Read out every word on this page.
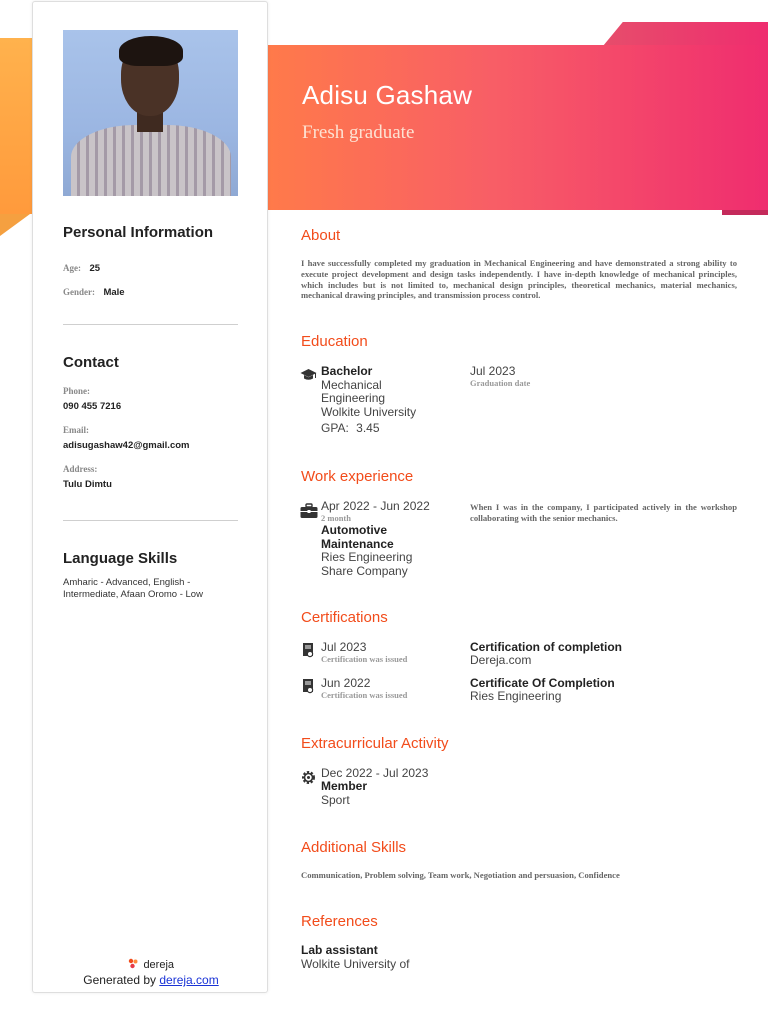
Adisu Gashaw
Fresh graduate
Personal Information
Age: 25
Gender: Male
Contact
Phone:
090 455 7216
Email:
adisugashaw42@gmail.com
Address:
Tulu Dimtu
Language Skills
Amharic - Advanced, English - Intermediate, Afaan Oromo - Low
dereja
Generated by dereja.com
About
I have successfully completed my graduation in Mechanical Engineering and have demonstrated a strong ability to execute project development and design tasks independently. I have in-depth knowledge of mechanical principles, which includes but is not limited to, mechanical design principles, theoretical mechanics, material mechanics, mechanical drawing principles, and transmission process control.
Education
Bachelor
Mechanical
Engineering
Wolkite University
GPA: 3.45
Jul 2023
Graduation date
Work experience
Apr 2022 - Jun 2022
2 month
Automotive
Maintenance
Ries Engineering
Share Company
When I was in the company, I participated actively in the workshop collaborating with the senior mechanics.
Certifications
Jul 2023
Certification was issued
Certification of completion
Dereja.com
Jun 2022
Certification was issued
Certificate Of Completion
Ries Engineering
Extracurricular Activity
Dec 2022 - Jul 2023
Member
Sport
Additional Skills
Communication, Problem solving, Team work, Negotiation and persuasion, Confidence
References
Lab assistant
Wolkite University of
